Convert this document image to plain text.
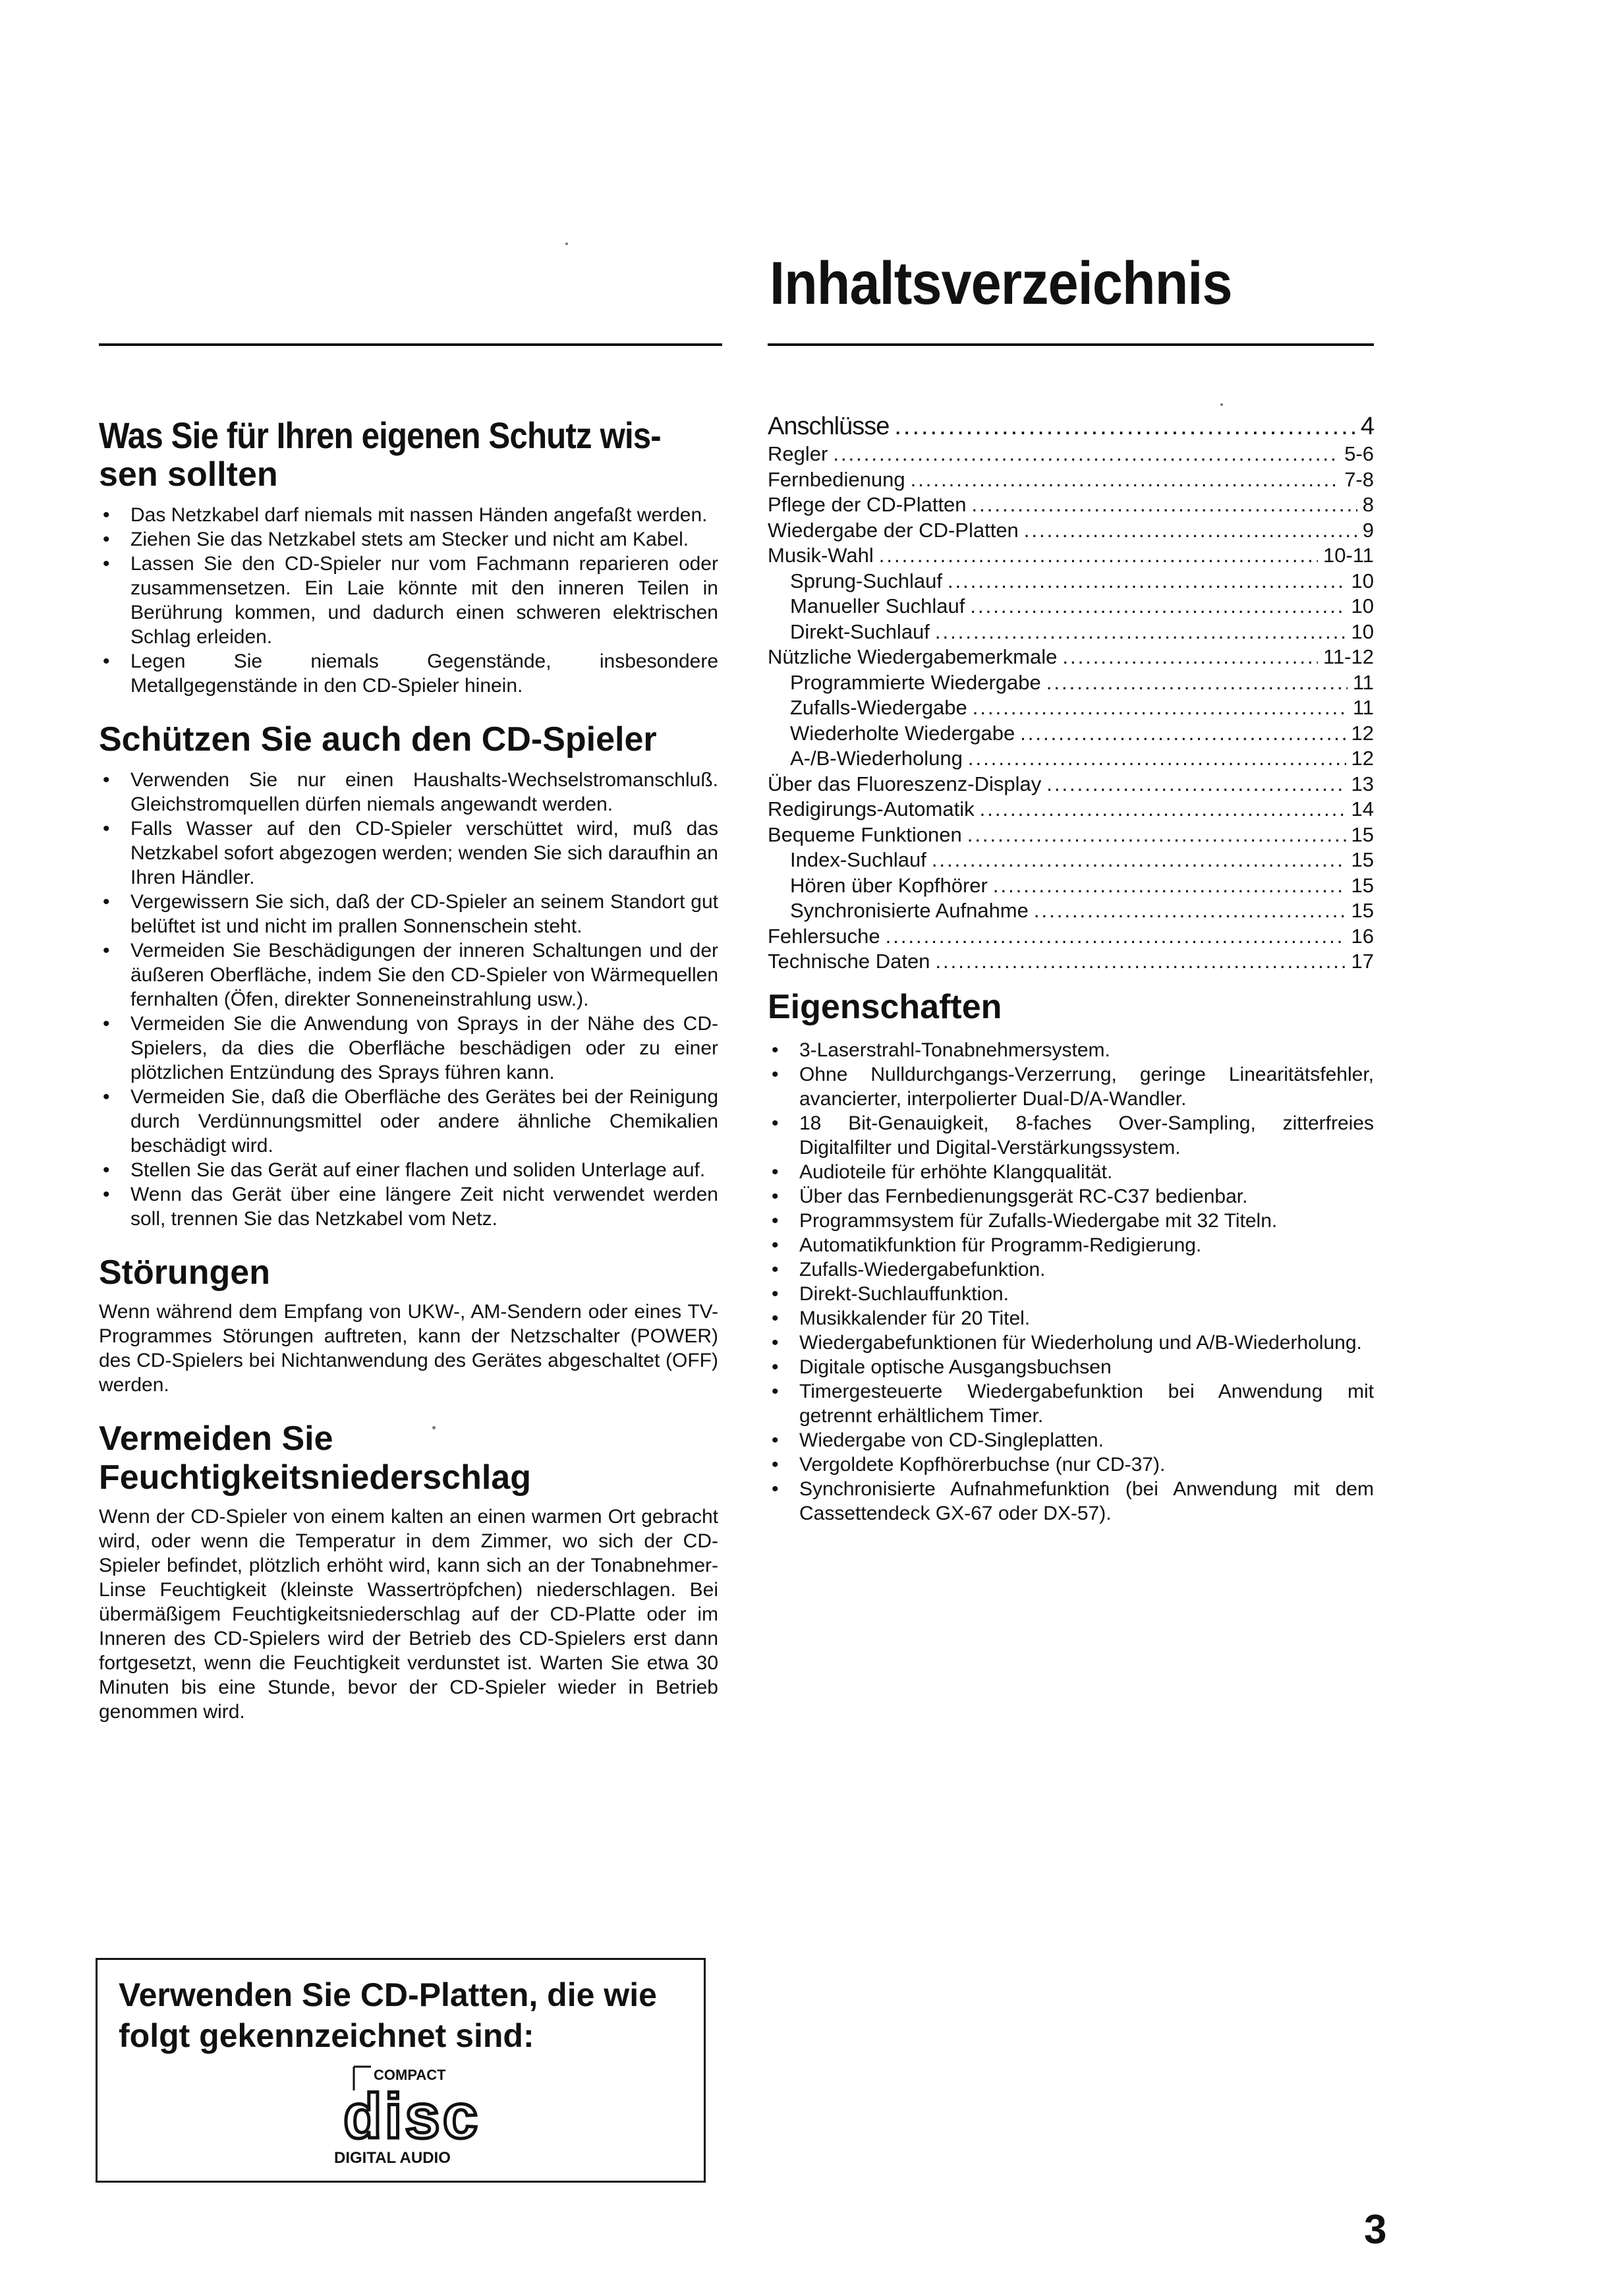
Inhaltsverzeichnis
Was Sie für Ihren eigenen Schutz wis-
sen sollten
• Das Netzkabel darf niemals mit nassen Händen angefaßt werden.
• Ziehen Sie das Netzkabel stets am Stecker und nicht am Kabel.
• Lassen Sie den CD-Spieler nur vom Fachmann reparieren oder zusammensetzen. Ein Laie könnte mit den inneren Teilen in Berührung kommen, und dadurch einen schweren elektrischen Schlag erleiden.
• Legen Sie niemals Gegenstände, insbesondere Metallgegenstände in den CD-Spieler hinein.
Schützen Sie auch den CD-Spieler
• Verwenden Sie nur einen Haushalts-Wechselstromanschluß. Gleichstromquellen dürfen niemals angewandt werden.
• Falls Wasser auf den CD-Spieler verschüttet wird, muß das Netzkabel sofort abgezogen werden; wenden Sie sich daraufhin an Ihren Händler.
• Vergewissern Sie sich, daß der CD-Spieler an seinem Standort gut belüftet ist und nicht im prallen Sonnenschein steht.
• Vermeiden Sie Beschädigungen der inneren Schaltungen und der äußeren Oberfläche, indem Sie den CD-Spieler von Wärmequellen fernhalten (Öfen, direkter Sonneneinstrahlung usw.).
• Vermeiden Sie die Anwendung von Sprays in der Nähe des CD-Spielers, da dies die Oberfläche beschädigen oder zu einer plötzlichen Entzündung des Sprays führen kann.
• Vermeiden Sie, daß die Oberfläche des Gerätes bei der Reinigung durch Verdünnungsmittel oder andere ähnliche Chemikalien beschädigt wird.
• Stellen Sie das Gerät auf einer flachen und soliden Unterlage auf.
• Wenn das Gerät über eine längere Zeit nicht verwendet werden soll, trennen Sie das Netzkabel vom Netz.
Störungen

Wenn während dem Empfang von UKW-, AM-Sendern oder eines TV-Programmes Störungen auftreten, kann der Netzschalter (POWER) des CD-Spielers bei Nichtanwendung des Gerätes abgeschaltet (OFF) werden.

Vermeiden Sie Feuchtigkeitsniederschlag

Wenn der CD-Spieler von einem kalten an einen warmen Ort gebracht wird, oder wenn die Temperatur in dem Zimmer, wo sich der CD-Spieler befindet, plötzlich erhöht wird, kann sich an der Tonabnehmer-Linse Feuchtigkeit (kleinste Wassertröpfchen) niederschlagen. Bei übermäßigem Feuchtigkeitsniederschlag auf der CD-Platte oder im Inneren des CD-Spielers wird der Betrieb des CD-Spielers erst dann fortgesetzt, wenn die Feuchtigkeit verdunstet ist. Warten Sie etwa 30 Minuten bis eine Stunde, bevor der CD-Spieler wieder in Betrieb genommen wird.

Verwenden Sie CD-Platten, die wie folgt gekennzeichnet sind:
COMPACT
disc
DIGITAL AUDIO
Anschlüsse .....	4
Regler .....	5-6
Fernbedienung .....	7-8
Pflege der CD-Platten .....	8
Wiedergabe der CD-Platten .....	9
Musik-Wahl .....	10-11
Sprung-Suchlauf .....	10
Manueller Suchlauf .....	10
Direkt-Suchlauf .....	10
Nützliche Wiedergabemerkmale .....	11-12
Programmierte Wiedergabe .....	11
Zufalls-Wiedergabe .....	11
Wiederholte Wiedergabe .....	12
A-/B-Wiederholung .....	12
Über das Fluoreszenz-Display .....	13
Redigirungs-Automatik .....	14
Bequeme Funktionen .....	15
Index-Suchlauf .....	15
Hören über Kopfhörer .....	15
Synchronisierte Aufnahme .....	15
Fehlersuche .....	16
Technische Daten .....	17
Eigenschaften
• 3-Laserstrahl-Tonabnehmersystem.
• Ohne Nulldurchgangs-Verzerrung, geringe Linearitätsfehler, avancierter, interpolierter Dual-D/A-Wandler.
• 18 Bit-Genauigkeit, 8-faches Over-Sampling, zitterfreies Digitalfilter und Digital-Verstärkungssystem.
• Audioteile für erhöhte Klangqualität.
• Über das Fernbedienungsgerät RC-C37 bedienbar.
• Programmsystem für Zufalls-Wiedergabe mit 32 Titeln.
• Automatikfunktion für Programm-Redigierung.
• Zufalls-Wiedergabefunktion.
• Direkt-Suchlauffunktion.
• Musikkalender für 20 Titel.
• Wiedergabefunktionen für Wiederholung und A/B-Wiederholung.
• Digitale optische Ausgangsbuchsen
• Timergesteuerte Wiedergabefunktion bei Anwendung mit getrennt erhältlichem Timer.
• Wiedergabe von CD-Singleplatten.
• Vergoldete Kopfhörerbuchse (nur CD-37).
• Synchronisierte Aufnahmefunktion (bei Anwendung mit dem Cassettendeck GX-67 oder DX-57).
3
